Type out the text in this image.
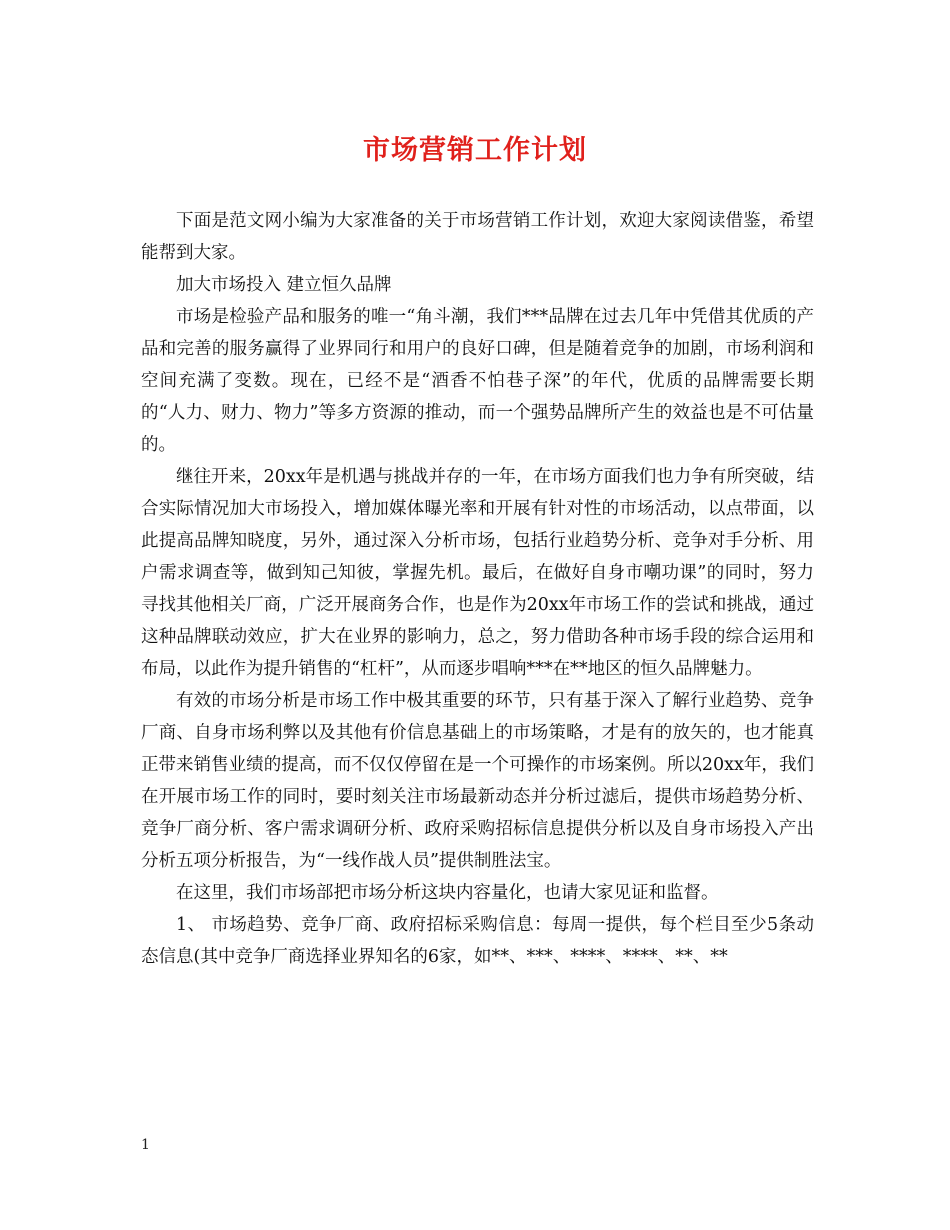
市场营销工作计划

下面是范文网小编为大家准备的关于市场营销工作计划，欢迎大家阅读借鉴，希望能帮到大家。

加大市场投入 建立恒久品牌

市场是检验产品和服务的唯一“角斗潮，我们***品牌在过去几年中凭借其优质的产品和完善的服务赢得了业界同行和用户的良好口碑，但是随着竞争的加剧，市场利润和空间充满了变数。现在，已经不是“酒香不怕巷子深”的年代，优质的品牌需要长期的“人力、财力、物力”等多方资源的推动，而一个强势品牌所产生的效益也是不可估量的。

继往开来，20xx年是机遇与挑战并存的一年，在市场方面我们也力争有所突破，结合实际情况加大市场投入，增加媒体曝光率和开展有针对性的市场活动，以点带面，以此提高品牌知晓度，另外，通过深入分析市场，包括行业趋势分析、竞争对手分析、用户需求调查等，做到知己知彼，掌握先机。最后，在做好自身市嘲功课”的同时，努力寻找其他相关厂商，广泛开展商务合作，也是作为20xx年市场工作的尝试和挑战，通过这种品牌联动效应，扩大在业界的影响力，总之，努力借助各种市场手段的综合运用和布局，以此作为提升销售的“杠杆”，从而逐步唱响***在**地区的恒久品牌魅力。

有效的市场分析是市场工作中极其重要的环节，只有基于深入了解行业趋势、竞争厂商、自身市场利弊以及其他有价信息基础上的市场策略，才是有的放矢的，也才能真正带来销售业绩的提高，而不仅仅停留在是一个可操作的市场案例。所以20xx年，我们在开展市场工作的同时，要时刻关注市场最新动态并分析过滤后，提供市场趋势分析、竞争厂商分析、客户需求调研分析、政府采购招标信息提供分析以及自身市场投入产出分析五项分析报告，为“一线作战人员”提供制胜法宝。

在这里，我们市场部把市场分析这块内容量化，也请大家见证和监督。

1、 市场趋势、竞争厂商、政府招标采购信息：每周一提供，每个栏目至少5条动态信息(其中竞争厂商选择业界知名的6家，如**、***、****、****、**、**

1
